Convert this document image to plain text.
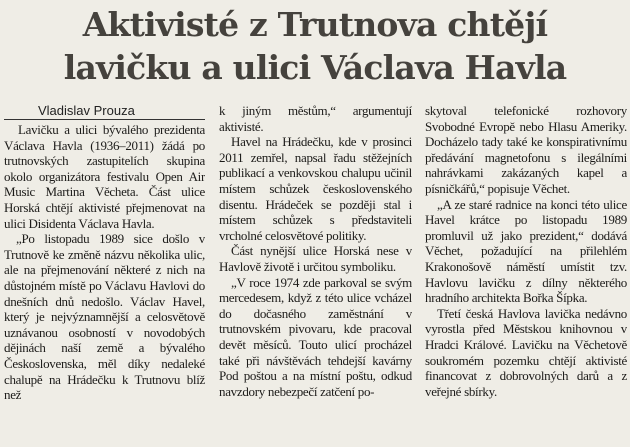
Aktivisté z Trutnova chtějí
lavičku a ulici Václava Havla
Vladislav Prouza

Lavičku a ulici bývalého prezidenta Václava Havla (1936–2011) žádá po trutnovských zastupitelích skupina okolo organizátora festivalu Open Air Music Martina Věcheta. Část ulice Horská chtějí aktivisté přejmenovat na ulici Disidenta Václava Havla.

„Po listopadu 1989 sice došlo v Trutnově ke změně názvu několika ulic, ale na přejmenování některé z nich na důstojném místě po Václavu Havlovi do dnešních dnů nedošlo. Václav Havel, který je nejvýznamnější a celosvětově uznávanou osobností v novodobých dějinách naší země a bývalého Československa, měl díky nedaleké chalupě na Hrádečku k Trutnovu blíž než

k jiným městům,“ argumentují aktivisté.

Havel na Hrádečku, kde v prosinci 2011 zemřel, napsal řadu stěžejních publikací a venkovskou chalupu učinil místem schůzek československého disentu. Hrádeček se později stal i místem schůzek s představiteli vrcholné celosvětové politiky.

Část nynější ulice Horská nese v Havlově životě i určitou symboliku.

„V roce 1974 zde parkoval se svým mercedesem, když z této ulice vcházel do dočasného zaměstnání v trutnovském pivovaru, kde pracoval devět měsíců. Touto ulicí procházel také při návštěvách tehdejší kavárny Pod poštou a na místní poštu, odkud navzdory nebezpečí zatčení po-

skytoval telefonické rozhovory Svobodné Evropě nebo Hlasu Ameriky. Docházelo tady také ke konspirativnímu předávání magnetofonu s ilegálními nahrávkami zakázaných kapel a písničkářů,“ popisuje Věchet.

„A ze staré radnice na konci této ulice Havel krátce po listopadu 1989 promluvil už jako prezident,“ dodává Věchet, požadující na přilehlém Krakonošově náměstí umístit tzv. Havlovu lavičku z dílny některého hradního architekta Bořka Šípka.

Třetí česká Havlova lavička nedávno vyrostla před Městskou knihovnou v Hradci Králové. Lavičku na Věchetově soukromém pozemku chtějí aktivisté financovat z dobrovolných darů a z veřejné sbírky.
